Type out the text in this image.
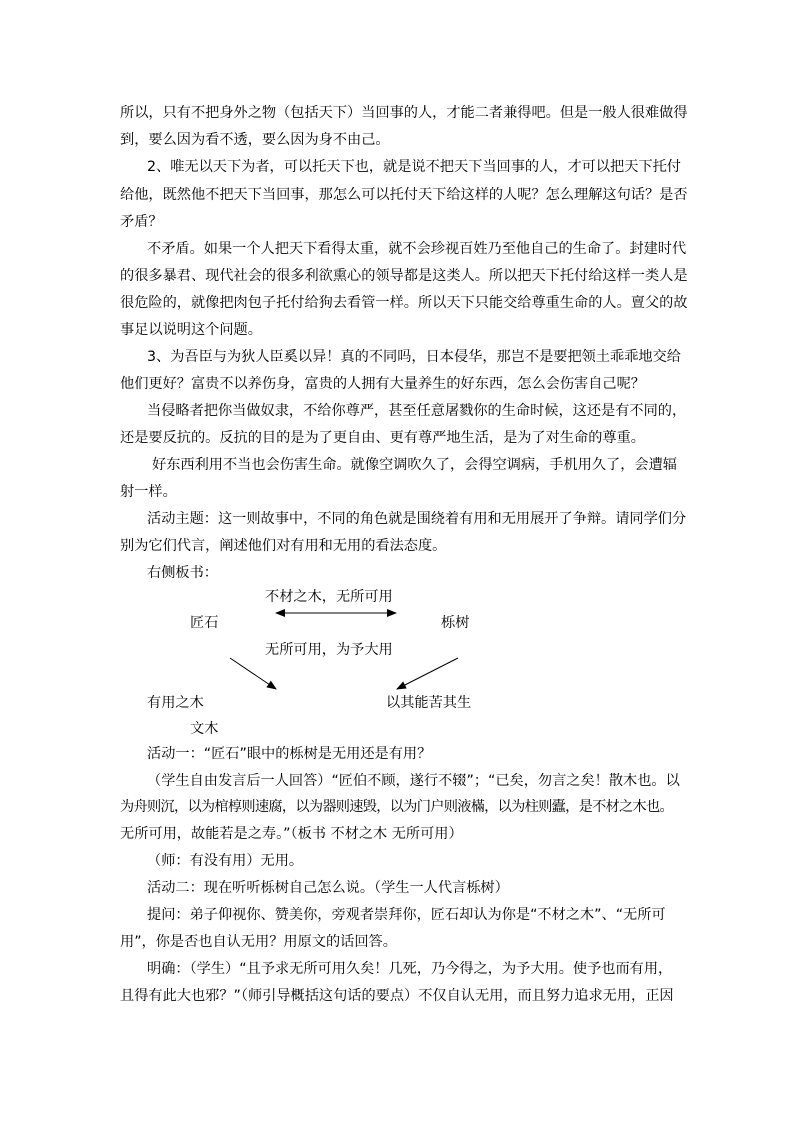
所以，只有不把身外之物（包括天下）当回事的人，才能二者兼得吧。但是一般人很难做得
到，要么因为看不透，要么因为身不由己。
2、唯无以天下为者，可以托天下也，就是说不把天下当回事的人，才可以把天下托付
给他，既然他不把天下当回事，那怎么可以托付天下给这样的人呢？怎么理解这句话？是否
矛盾？
不矛盾。如果一个人把天下看得太重，就不会珍视百姓乃至他自己的生命了。封建时代
的很多暴君、现代社会的很多利欲熏心的领导都是这类人。所以把天下托付给这样一类人是
很危险的，就像把肉包子托付给狗去看管一样。所以天下只能交给尊重生命的人。亶父的故
事足以说明这个问题。
3、为吾臣与为狄人臣奚以异！真的不同吗，日本侵华，那岂不是要把领土乖乖地交给
他们更好？富贵不以养伤身，富贵的人拥有大量养生的好东西，怎么会伤害自己呢？
当侵略者把你当做奴隶，不给你尊严，甚至任意屠戮你的生命时候，这还是有不同的，
还是要反抗的。反抗的目的是为了更自由、更有尊严地生活，是为了对生命的尊重。
好东西利用不当也会伤害生命。就像空调吹久了，会得空调病，手机用久了，会遭辐
射一样。
活动主题：这一则故事中，不同的角色就是围绕着有用和无用展开了争辩。请同学们分
别为它们代言，阐述他们对有用和无用的看法态度。
右侧板书：
不材之木，无所可用
匠石	栎树
无所可用，为予大用
有用之木	以其能苦其生
文木
活动一：“匠石”眼中的栎树是无用还是有用？
（学生自由发言后一人回答）“匠伯不顾，遂行不辍”；“已矣，勿言之矣！散木也。以
为舟则沉，以为棺椁则速腐，以为器则速毁，以为门户则液樠，以为柱则蠹，是不材之木也。
无所可用，故能若是之寿。”（板书 不材之木 无所可用）
（师：有没有用）无用。
活动二：现在听听栎树自己怎么说。（学生一人代言栎树）
提问：弟子仰视你、赞美你，旁观者崇拜你，匠石却认为你是“不材之木”、“无所可
用”，你是否也自认无用？用原文的话回答。
明确：（学生）“且予求无所可用久矣！几死，乃今得之，为予大用。使予也而有用，
且得有此大也邪？”（师引导概括这句话的要点）不仅自认无用，而且努力追求无用，正因
